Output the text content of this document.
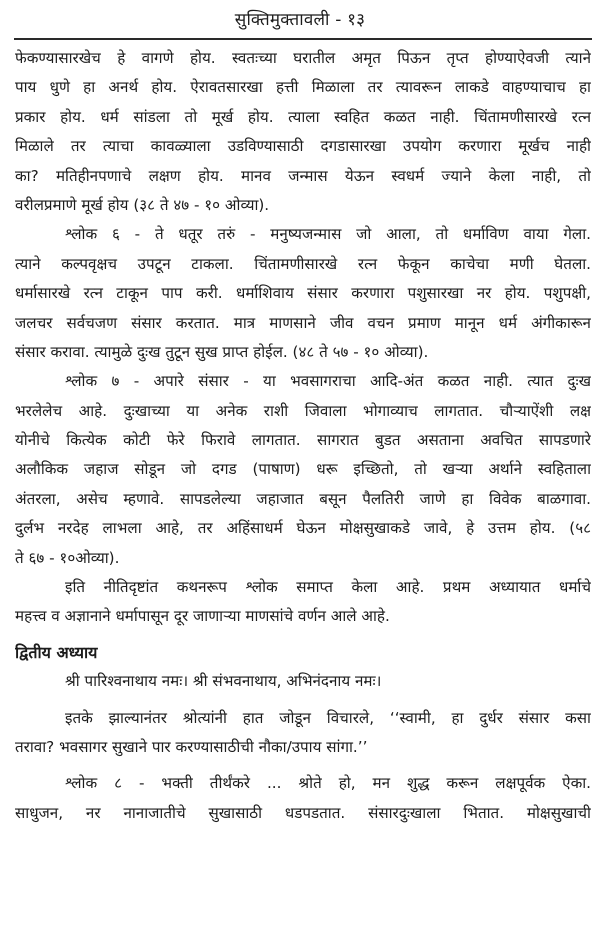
सुक्तिमुक्तावली - १३
फेकण्यासारखेच हे वागणे होय. स्वतःच्या घरातील अमृत पिऊन तृप्त होण्याऐवजी त्याने
पाय धुणे हा अनर्थ होय. ऐरावतसारखा हत्ती मिळाला तर त्यावरून लाकडे वाहण्याचाच हा
प्रकार होय. धर्म सांडला तो मूर्ख होय. त्याला स्वहित कळत नाही. चिंतामणीसारखे रत्न
मिळाले तर त्याचा कावळ्याला उडविण्यासाठी दगडासारखा उपयोग करणारा मूर्खच नाही
का? मतिहीनपणाचे लक्षण होय. मानव जन्मास येऊन स्वधर्म ज्याने केला नाही, तो
वरीलप्रमाणे मूर्ख होय (३८ ते ४७ - १० ओव्या).
श्लोक ६ - ते धतूर तरुं - मनुष्यजन्मास जो आला, तो धर्माविण वाया गेला.
त्याने कल्पवृक्षच उपटून टाकला. चिंतामणीसारखे रत्न फेकून काचेचा मणी घेतला.
धर्मासारखे रत्न टाकून पाप करी. धर्माशिवाय संसार करणारा पशुसारखा नर होय. पशुपक्षी,
जलचर सर्वचजण संसार करतात. मात्र माणसाने जीव वचन प्रमाण मानून धर्म अंगीकारून
संसार करावा. त्यामुळे दुःख तुटून सुख प्राप्त होईल. (४८ ते ५७ - १० ओव्या).
श्लोक ७ - अपारे संसार - या भवसागराचा आदि-अंत कळत नाही. त्यात दुःख
भरलेलेच आहे. दुःखाच्या या अनेक राशी जिवाला भोगाव्याच लागतात. चौऱ्याऐंशी लक्ष
योनीचे कित्येक कोटी फेरे फिरावे लागतात. सागरात बुडत असताना अवचित सापडणारे
अलौकिक जहाज सोडून जो दगड (पाषाण) धरू इच्छितो, तो खऱ्या अर्थाने स्वहिताला
अंतरला, असेच म्हणावे. सापडलेल्या जहाजात बसून पैलतिरी जाणे हा विवेक बाळगावा.
दुर्लभ नरदेह लाभला आहे, तर अहिंसाधर्म घेऊन मोक्षसुखाकडे जावे, हे उत्तम होय. (५८
ते ६७ - १०ओव्या).
इति नीतिदृष्टांत कथनरूप श्लोक समाप्त केला आहे. प्रथम अध्यायात धर्माचे
महत्त्व व अज्ञानाने धर्मापासून दूर जाणाऱ्या माणसांचे वर्णन आले आहे.
द्वितीय अध्याय
श्री पारिश्वनाथाय नमः। श्री संभवनाथाय, अभिनंदनाय नमः।
इतके झाल्यानंतर श्रोत्यांनी हात जोडून विचारले, ‘‘स्वामी, हा दुर्धर संसार कसा
तरावा? भवसागर सुखाने पार करण्यासाठीची नौका/उपाय सांगा.’’
श्लोक ८ - भक्ती तीर्थंकरे ... श्रोते हो, मन शुद्ध करून लक्षपूर्वक ऐका.
साधुजन, नर नानाजातीचे सुखासाठी धडपडतात. संसारदुःखाला भितात. मोक्षसुखाची
